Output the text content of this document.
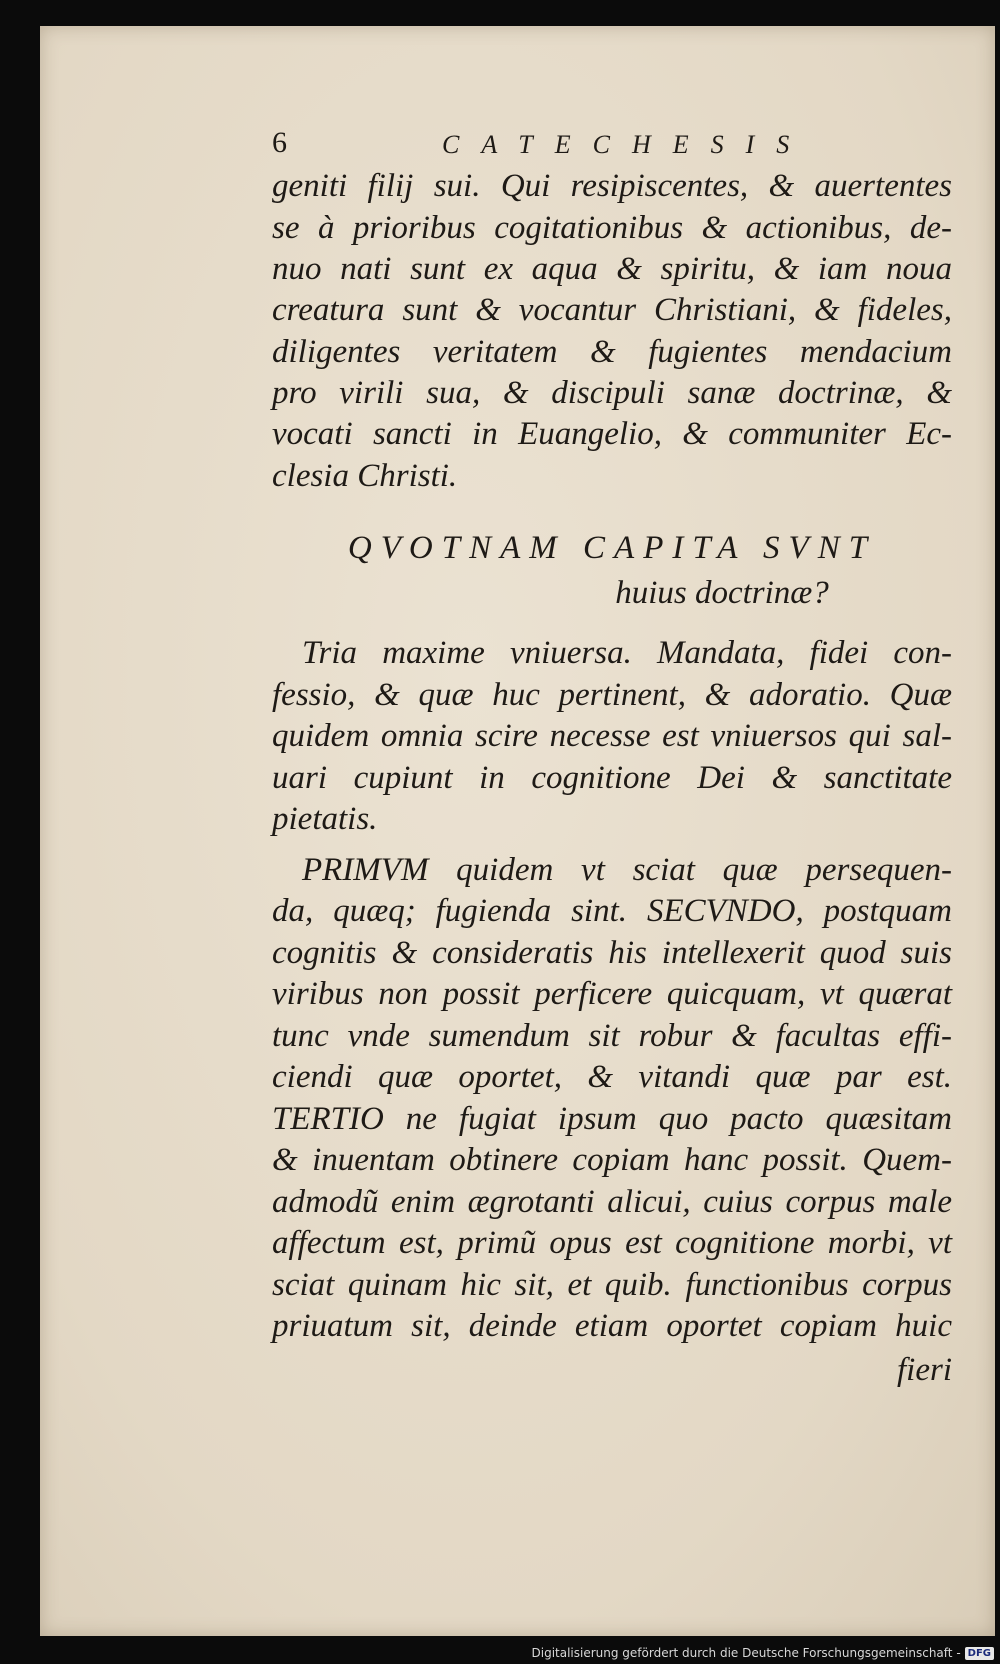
6	CATECHESIS
geniti filij sui. Qui resipiscentes, & auertentes
se à prioribus cogitationibus & actionibus, de-
nuo nati sunt ex aqua & spiritu, & iam noua
creatura sunt & vocantur Christiani, & fideles,
diligentes veritatem & fugientes mendacium
pro virili sua, & discipuli sanæ doctrinæ, &
vocati sancti in Euangelio, & communiter Ec-
clesia Christi.
QVOTNAM CAPITA SVNT
huius doctrinæ?
Tria maxime vniuersa. Mandata, fidei con-
fessio, & quæ huc pertinent, & adoratio. Quæ
quidem omnia scire necesse est vniuersos qui sal-
uari cupiunt in cognitione Dei & sanctitate
pietatis.
PRIMVM quidem vt sciat quæ persequen-
da, quæq; fugienda sint. SECVNDO, postquam
cognitis & consideratis his intellexerit quod suis
viribus non possit perficere quicquam, vt quærat
tunc vnde sumendum sit robur & facultas effi-
ciendi quæ oportet, & vitandi quæ par est.
TERTIO ne fugiat ipsum quo pacto quæsitam
& inuentam obtinere copiam hanc possit. Quem-
admodũ enim ægrotanti alicui, cuius corpus male
affectum est, primũ opus est cognitione morbi, vt
sciat quinam hic sit, et quib. functionibus corpus
priuatum sit, deinde etiam oportet copiam huic
fieri
Digitalisierung gefördert durch die Deutsche Forschungsgemeinschaft - DFG
